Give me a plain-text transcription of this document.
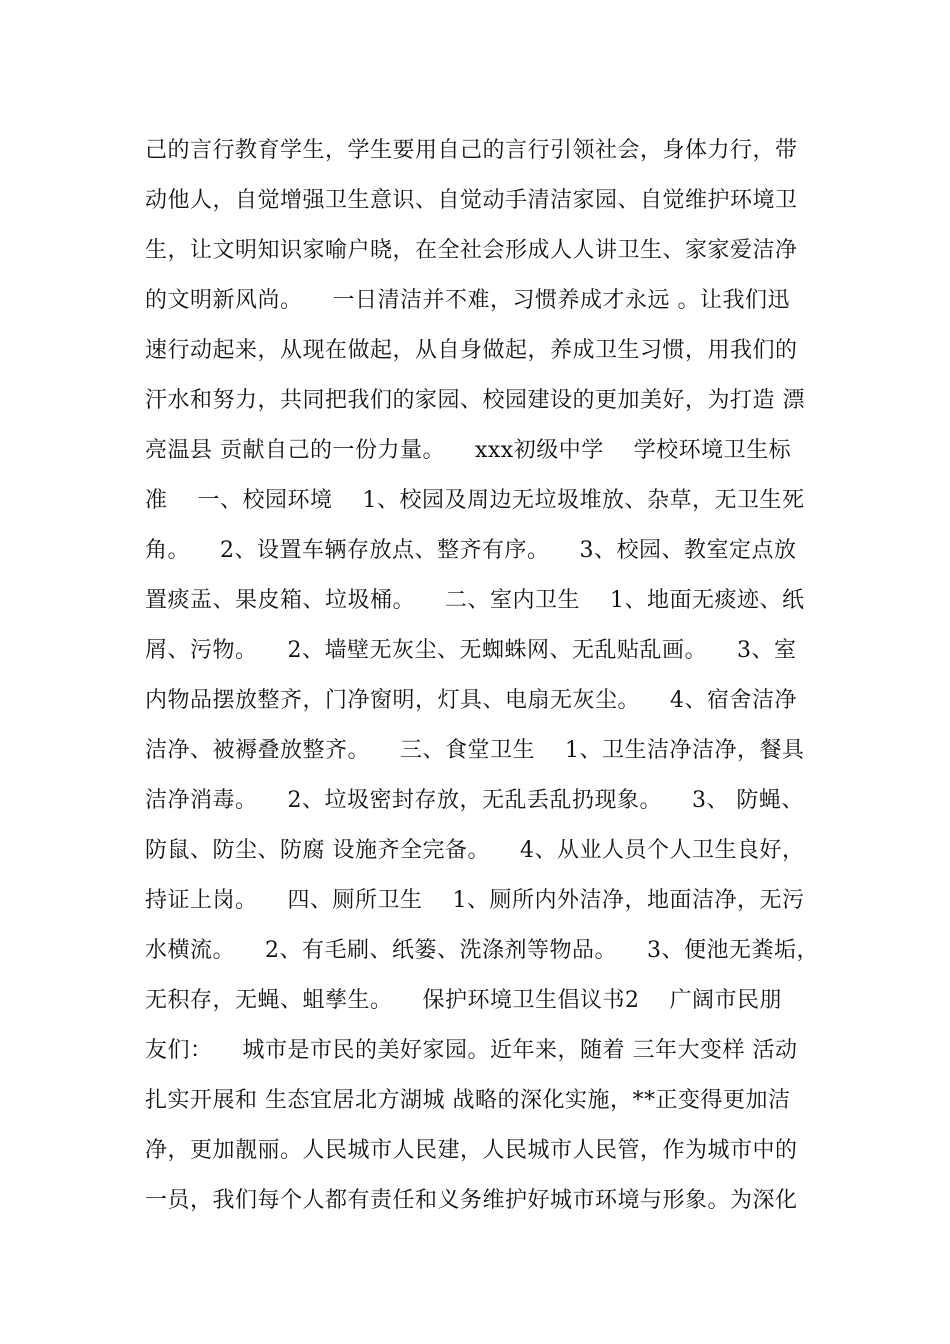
己的言行教育学生，学生要用自己的言行引领社会，身体力行，带
动他人，自觉增强卫生意识、自觉动手清洁家园、自觉维护环境卫
生，让文明知识家喻户晓，在全社会形成人人讲卫生、家家爱洁净
的文明新风尚。    一日清洁并不难，习惯养成才永远 。让我们迅
速行动起来，从现在做起，从自身做起，养成卫生习惯，用我们的
汗水和努力，共同把我们的家园、校园建设的更加美好，为打造 漂
亮温县 贡献自己的一份力量。    xxx初级中学    学校环境卫生标
准    一、校园环境    1、校园及周边无垃圾堆放、杂草，无卫生死
角。    2、设置车辆存放点、整齐有序。    3、校园、教室定点放
置痰盂、果皮箱、垃圾桶。    二、室内卫生    1、地面无痰迹、纸
屑、污物。    2、墙壁无灰尘、无蜘蛛网、无乱贴乱画。    3、室
内物品摆放整齐，门净窗明，灯具、电扇无灰尘。    4、宿舍洁净
洁净、被褥叠放整齐。    三、食堂卫生    1、卫生洁净洁净，餐具
洁净消毒。    2、垃圾密封存放，无乱丢乱扔现象。    3、 防蝇、
防鼠、防尘、防腐 设施齐全完备。    4、从业人员个人卫生良好，
持证上岗。    四、厕所卫生    1、厕所内外洁净，地面洁净，无污
水横流。    2、有毛刷、纸篓、洗涤剂等物品。    3、便池无粪垢，
无积存，无蝇、蛆孳生。    保护环境卫生倡议书2    广阔市民朋
友们：    城市是市民的美好家园。近年来，随着 三年大变样 活动
扎实开展和 生态宜居北方湖城 战略的深化实施，**正变得更加洁
净，更加靓丽。人民城市人民建，人民城市人民管，作为城市中的
一员，我们每个人都有责任和义务维护好城市环境与形象。为深化
